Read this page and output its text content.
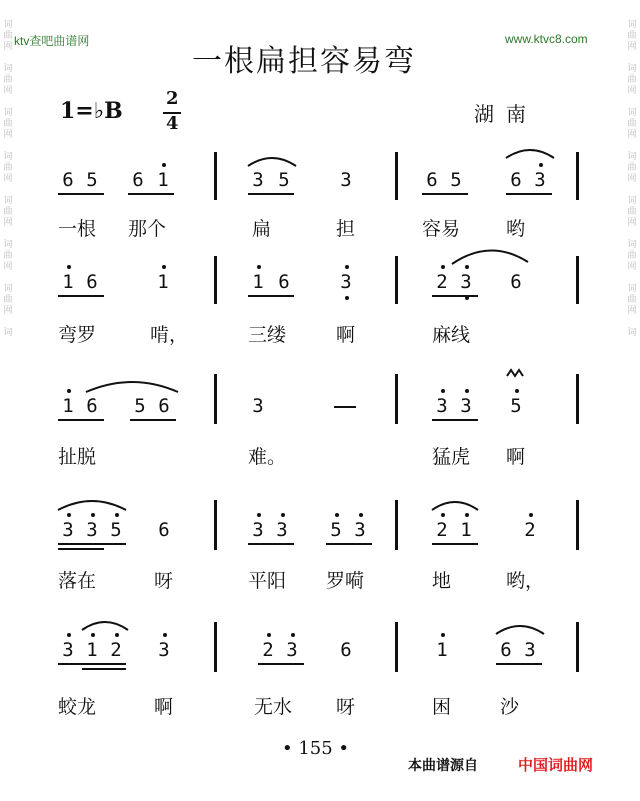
ktv查吧曲谱网	www.ktvc8.com
词
曲
网

词
曲
网

词
曲
网

词
曲
网

词
曲
网

词
曲
网

词
曲
网

词

词
曲
网

词
曲
网

词
曲
网

词
曲
网

词
曲
网

词
曲
网

词
曲
网

词

一根扁担容易弯
1=♭B 2
4	湖南
6 5 6 1	3 5	3	6 5	6 3
一根 那个	扁	担	容易 哟
1 6	1	1 6	3	2 3 6
弯罗	啃，	三缕	啊	麻线
1 6 5 6	3	3 3 5
扯脱	难。	猛虎 啊
3 3 5 6	3 3 5 3	2 1	2
落在	呀	平阳 罗嗬	地	哟，
3 1 2 3	2 3 6	1	6 3
蛟龙	啊	无水 呀	困	沙
• 155 •
本曲谱源自	中国词曲网
